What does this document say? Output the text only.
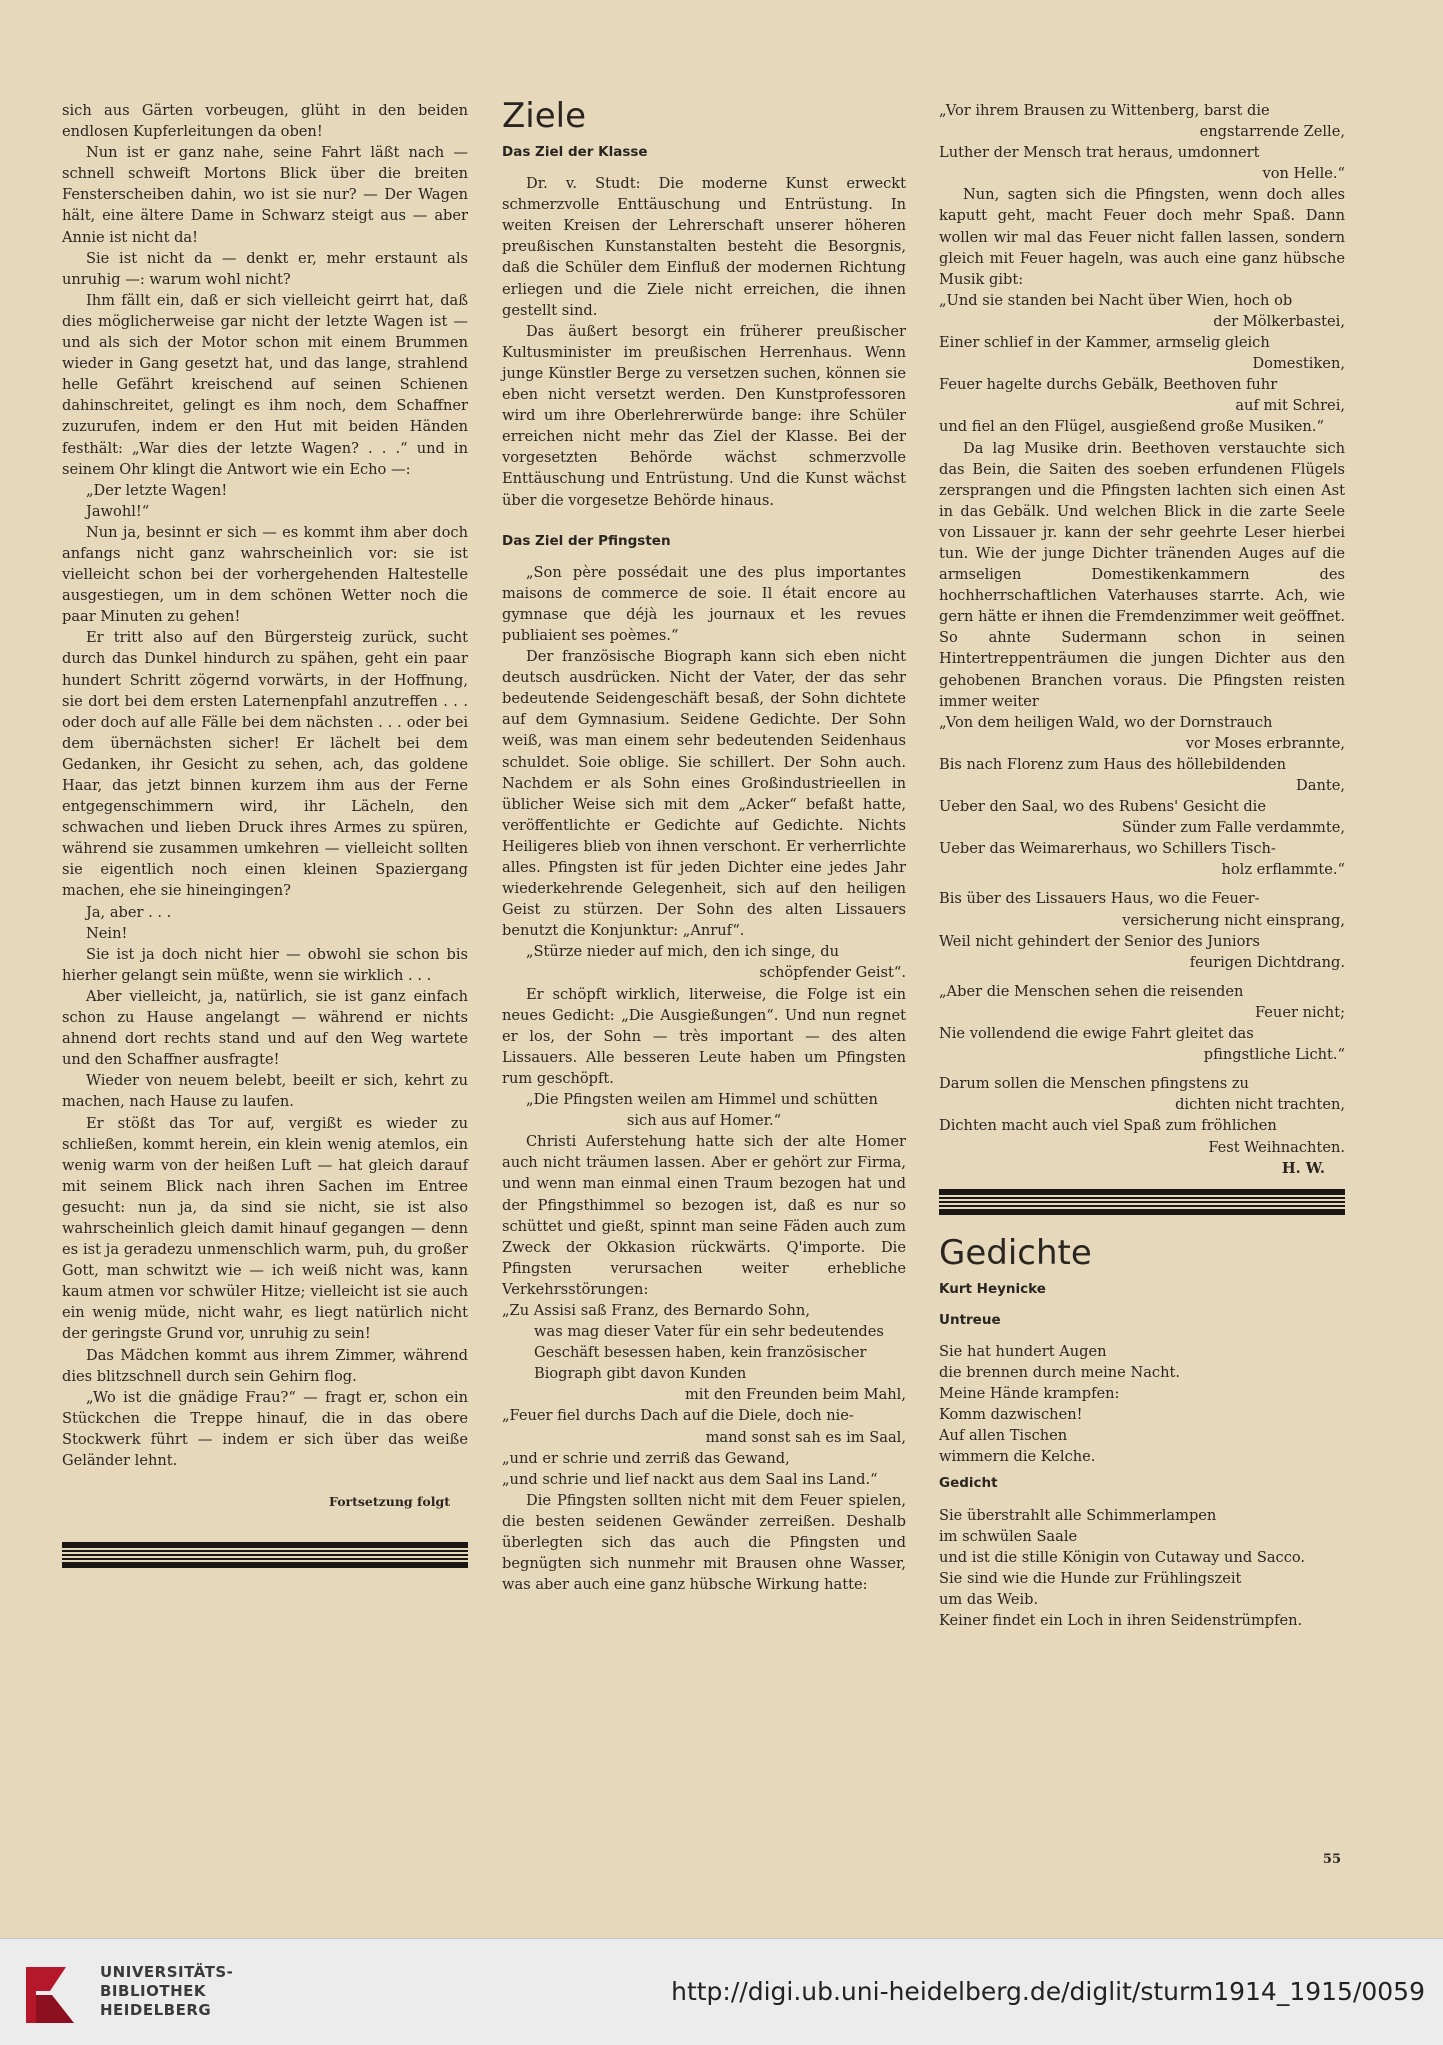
sich aus Gärten vorbeugen, glüht in den beiden endlosen Kupferleitungen da oben!

Nun ist er ganz nahe, seine Fahrt läßt nach — schnell schweift Mortons Blick über die breiten Fensterscheiben dahin, wo ist sie nur? — Der Wagen hält, eine ältere Dame in Schwarz steigt aus — aber Annie ist nicht da!

Sie ist nicht da — denkt er, mehr erstaunt als unruhig —: warum wohl nicht?

Ihm fällt ein, daß er sich vielleicht geirrt hat, daß dies möglicherweise gar nicht der letzte Wagen ist — und als sich der Motor schon mit einem Brummen wieder in Gang gesetzt hat, und das lange, strahlend helle Gefährt kreischend auf seinen Schienen dahinschreitet, gelingt es ihm noch, dem Schaffner zuzurufen, indem er den Hut mit beiden Händen festhält: „War dies der letzte Wagen? . . .“ und in seinem Ohr klingt die Antwort wie ein Echo —:

„Der letzte Wagen!

Jawohl!“

Nun ja, besinnt er sich — es kommt ihm aber doch anfangs nicht ganz wahrscheinlich vor: sie ist vielleicht schon bei der vorhergehenden Haltestelle ausgestiegen, um in dem schönen Wetter noch die paar Minuten zu gehen!

Er tritt also auf den Bürgersteig zurück, sucht durch das Dunkel hindurch zu spähen, geht ein paar hundert Schritt zögernd vorwärts, in der Hoffnung, sie dort bei dem ersten Laternenpfahl anzutreffen . . . oder doch auf alle Fälle bei dem nächsten . . . oder bei dem übernächsten sicher! Er lächelt bei dem Gedanken, ihr Gesicht zu sehen, ach, das goldene Haar, das jetzt binnen kurzem ihm aus der Ferne entgegenschimmern wird, ihr Lächeln, den schwachen und lieben Druck ihres Armes zu spüren, während sie zusammen umkehren — vielleicht sollten sie eigentlich noch einen kleinen Spaziergang machen, ehe sie hineingingen?

Ja, aber . . .

Nein!

Sie ist ja doch nicht hier — obwohl sie schon bis hierher gelangt sein müßte, wenn sie wirklich . . .

Aber vielleicht, ja, natürlich, sie ist ganz einfach schon zu Hause angelangt — während er nichts ahnend dort rechts stand und auf den Weg wartete und den Schaffner ausfragte!

Wieder von neuem belebt, beeilt er sich, kehrt zu machen, nach Hause zu laufen.

Er stößt das Tor auf, vergißt es wieder zu schließen, kommt herein, ein klein wenig atemlos, ein wenig warm von der heißen Luft — hat gleich darauf mit seinem Blick nach ihren Sachen im Entree gesucht: nun ja, da sind sie nicht, sie ist also wahrscheinlich gleich damit hinauf gegangen — denn es ist ja geradezu unmenschlich warm, puh, du großer Gott, man schwitzt wie — ich weiß nicht was, kann kaum atmen vor schwüler Hitze; vielleicht ist sie auch ein wenig müde, nicht wahr, es liegt natürlich nicht der geringste Grund vor, unruhig zu sein!

Das Mädchen kommt aus ihrem Zimmer, während dies blitzschnell durch sein Gehirn flog.

„Wo ist die gnädige Frau?“ — fragt er, schon ein Stückchen die Treppe hinauf, die in das obere Stockwerk führt — indem er sich über das weiße Geländer lehnt.

Fortsetzung folgt
Ziele
Das Ziel der Klasse

Dr. v. Studt: Die moderne Kunst erweckt schmerzvolle Enttäuschung und Entrüstung. In weiten Kreisen der Lehrerschaft unserer höheren preußischen Kunstanstalten besteht die Besorgnis, daß die Schüler dem Einfluß der modernen Richtung erliegen und die Ziele nicht erreichen, die ihnen gestellt sind.

Das äußert besorgt ein früherer preußischer Kultusminister im preußischen Herrenhaus. Wenn junge Künstler Berge zu versetzen suchen, können sie eben nicht versetzt werden. Den Kunstprofessoren wird um ihre Oberlehrerwürde bange: ihre Schüler erreichen nicht mehr das Ziel der Klasse. Bei der vorgesetzten Behörde wächst schmerzvolle Enttäuschung und Entrüstung. Und die Kunst wächst über die vorgesetze Behörde hinaus.

Das Ziel der Pfingsten

„Son père possédait une des plus importantes maisons de commerce de soie. Il était encore au gymnase que déjà les journaux et les revues publiaient ses poèmes.“

Der französische Biograph kann sich eben nicht deutsch ausdrücken. Nicht der Vater, der das sehr bedeutende Seidengeschäft besaß, der Sohn dichtete auf dem Gymnasium. Seidene Gedichte. Der Sohn weiß, was man einem sehr bedeutenden Seidenhaus schuldet. Soie oblige. Sie schillert. Der Sohn auch. Nachdem er als Sohn eines Großindustrieellen in üblicher Weise sich mit dem „Acker“ befaßt hatte, veröffentlichte er Gedichte auf Gedichte. Nichts Heiligeres blieb von ihnen verschont. Er verherrlichte alles. Pfingsten ist für jeden Dichter eine jedes Jahr wiederkehrende Gelegenheit, sich auf den heiligen Geist zu stürzen. Der Sohn des alten Lissauers benutzt die Konjunktur: „Anruf“.

„Stürze nieder auf mich, den ich singe, du

schöpfender Geist“.

Er schöpft wirklich, literweise, die Folge ist ein neues Gedicht: „Die Ausgießungen“. Und nun regnet er los, der Sohn — très important — des alten Lissauers. Alle besseren Leute haben um Pfingsten rum geschöpft.

„Die Pfingsten weilen am Himmel und schütten

sich aus auf Homer.“

Christi Auferstehung hatte sich der alte Homer auch nicht träumen lassen. Aber er gehört zur Firma, und wenn man einmal einen Traum bezogen hat und der Pfingsthimmel so bezogen ist, daß es nur so schüttet und gießt, spinnt man seine Fäden auch zum Zweck der Okkasion rückwärts. Q'importe. Die Pfingsten verursachen weiter erhebliche Verkehrsstörungen:

„Zu Assisi saß Franz, des Bernardo Sohn,

was mag dieser Vater für ein sehr bedeutendes

Geschäft besessen haben, kein französischer

Biograph gibt davon Kunden

mit den Freunden beim Mahl,

„Feuer fiel durchs Dach auf die Diele, doch nie-

mand sonst sah es im Saal,

„und er schrie und zerriß das Gewand,

„und schrie und lief nackt aus dem Saal ins Land.“

Die Pfingsten sollten nicht mit dem Feuer spielen, die besten seidenen Gewänder zerreißen. Deshalb überlegten sich das auch die Pfingsten und begnügten sich nunmehr mit Brausen ohne Wasser, was aber auch eine ganz hübsche Wirkung hatte:

„Vor ihrem Brausen zu Wittenberg, barst die

engstarrende Zelle,

Luther der Mensch trat heraus, umdonnert

von Helle.“

Nun, sagten sich die Pfingsten, wenn doch alles kaputt geht, macht Feuer doch mehr Spaß. Dann wollen wir mal das Feuer nicht fallen lassen, sondern gleich mit Feuer hageln, was auch eine ganz hübsche Musik gibt:

„Und sie standen bei Nacht über Wien, hoch ob

der Mölkerbastei,

Einer schlief in der Kammer, armselig gleich

Domestiken,

Feuer hagelte durchs Gebälk, Beethoven fuhr

auf mit Schrei,

und fiel an den Flügel, ausgießend große Musiken.“

Da lag Musike drin. Beethoven verstauchte sich das Bein, die Saiten des soeben erfundenen Flügels zersprangen und die Pfingsten lachten sich einen Ast in das Gebälk. Und welchen Blick in die zarte Seele von Lissauer jr. kann der sehr geehrte Leser hierbei tun. Wie der junge Dichter tränenden Auges auf die armseligen Domestikenkammern des hochherrschaftlichen Vaterhauses starrte. Ach, wie gern hätte er ihnen die Fremdenzimmer weit geöffnet. So ahnte Sudermann schon in seinen Hintertreppenträumen die jungen Dichter aus den gehobenen Branchen voraus. Die Pfingsten reisten immer weiter

„Von dem heiligen Wald, wo der Dornstrauch

vor Moses erbrannte,

Bis nach Florenz zum Haus des höllebildenden

Dante,

Ueber den Saal, wo des Rubens' Gesicht die

Sünder zum Falle verdammte,

Ueber das Weimarerhaus, wo Schillers Tisch-

holz erflammte.“

Bis über des Lissauers Haus, wo die Feuer-

versicherung nicht einsprang,

Weil nicht gehindert der Senior des Juniors

feurigen Dichtdrang.

„Aber die Menschen sehen die reisenden

Feuer nicht;

Nie vollendend die ewige Fahrt gleitet das

pfingstliche Licht.“

Darum sollen die Menschen pfingstens zu

dichten nicht trachten,

Dichten macht auch viel Spaß zum fröhlichen

Fest Weihnachten.

H. W.
Gedichte
Kurt Heynicke
Untreue

Sie hat hundert Augen

die brennen durch meine Nacht.

Meine Hände krampfen:

Komm dazwischen!

Auf allen Tischen

wimmern die Kelche.

Gedicht

Sie überstrahlt alle Schimmerlampen

im schwülen Saale

und ist die stille Königin von Cutaway und Sacco.

Sie sind wie die Hunde zur Frühlingszeit

um das Weib.

Keiner findet ein Loch in ihren Seidenstrümpfen.

55
UNIVERSITÄTS-
BIBLIOTHEK
HEIDELBERG
http://digi.ub.uni-heidelberg.de/diglit/sturm1914_1915/0059
